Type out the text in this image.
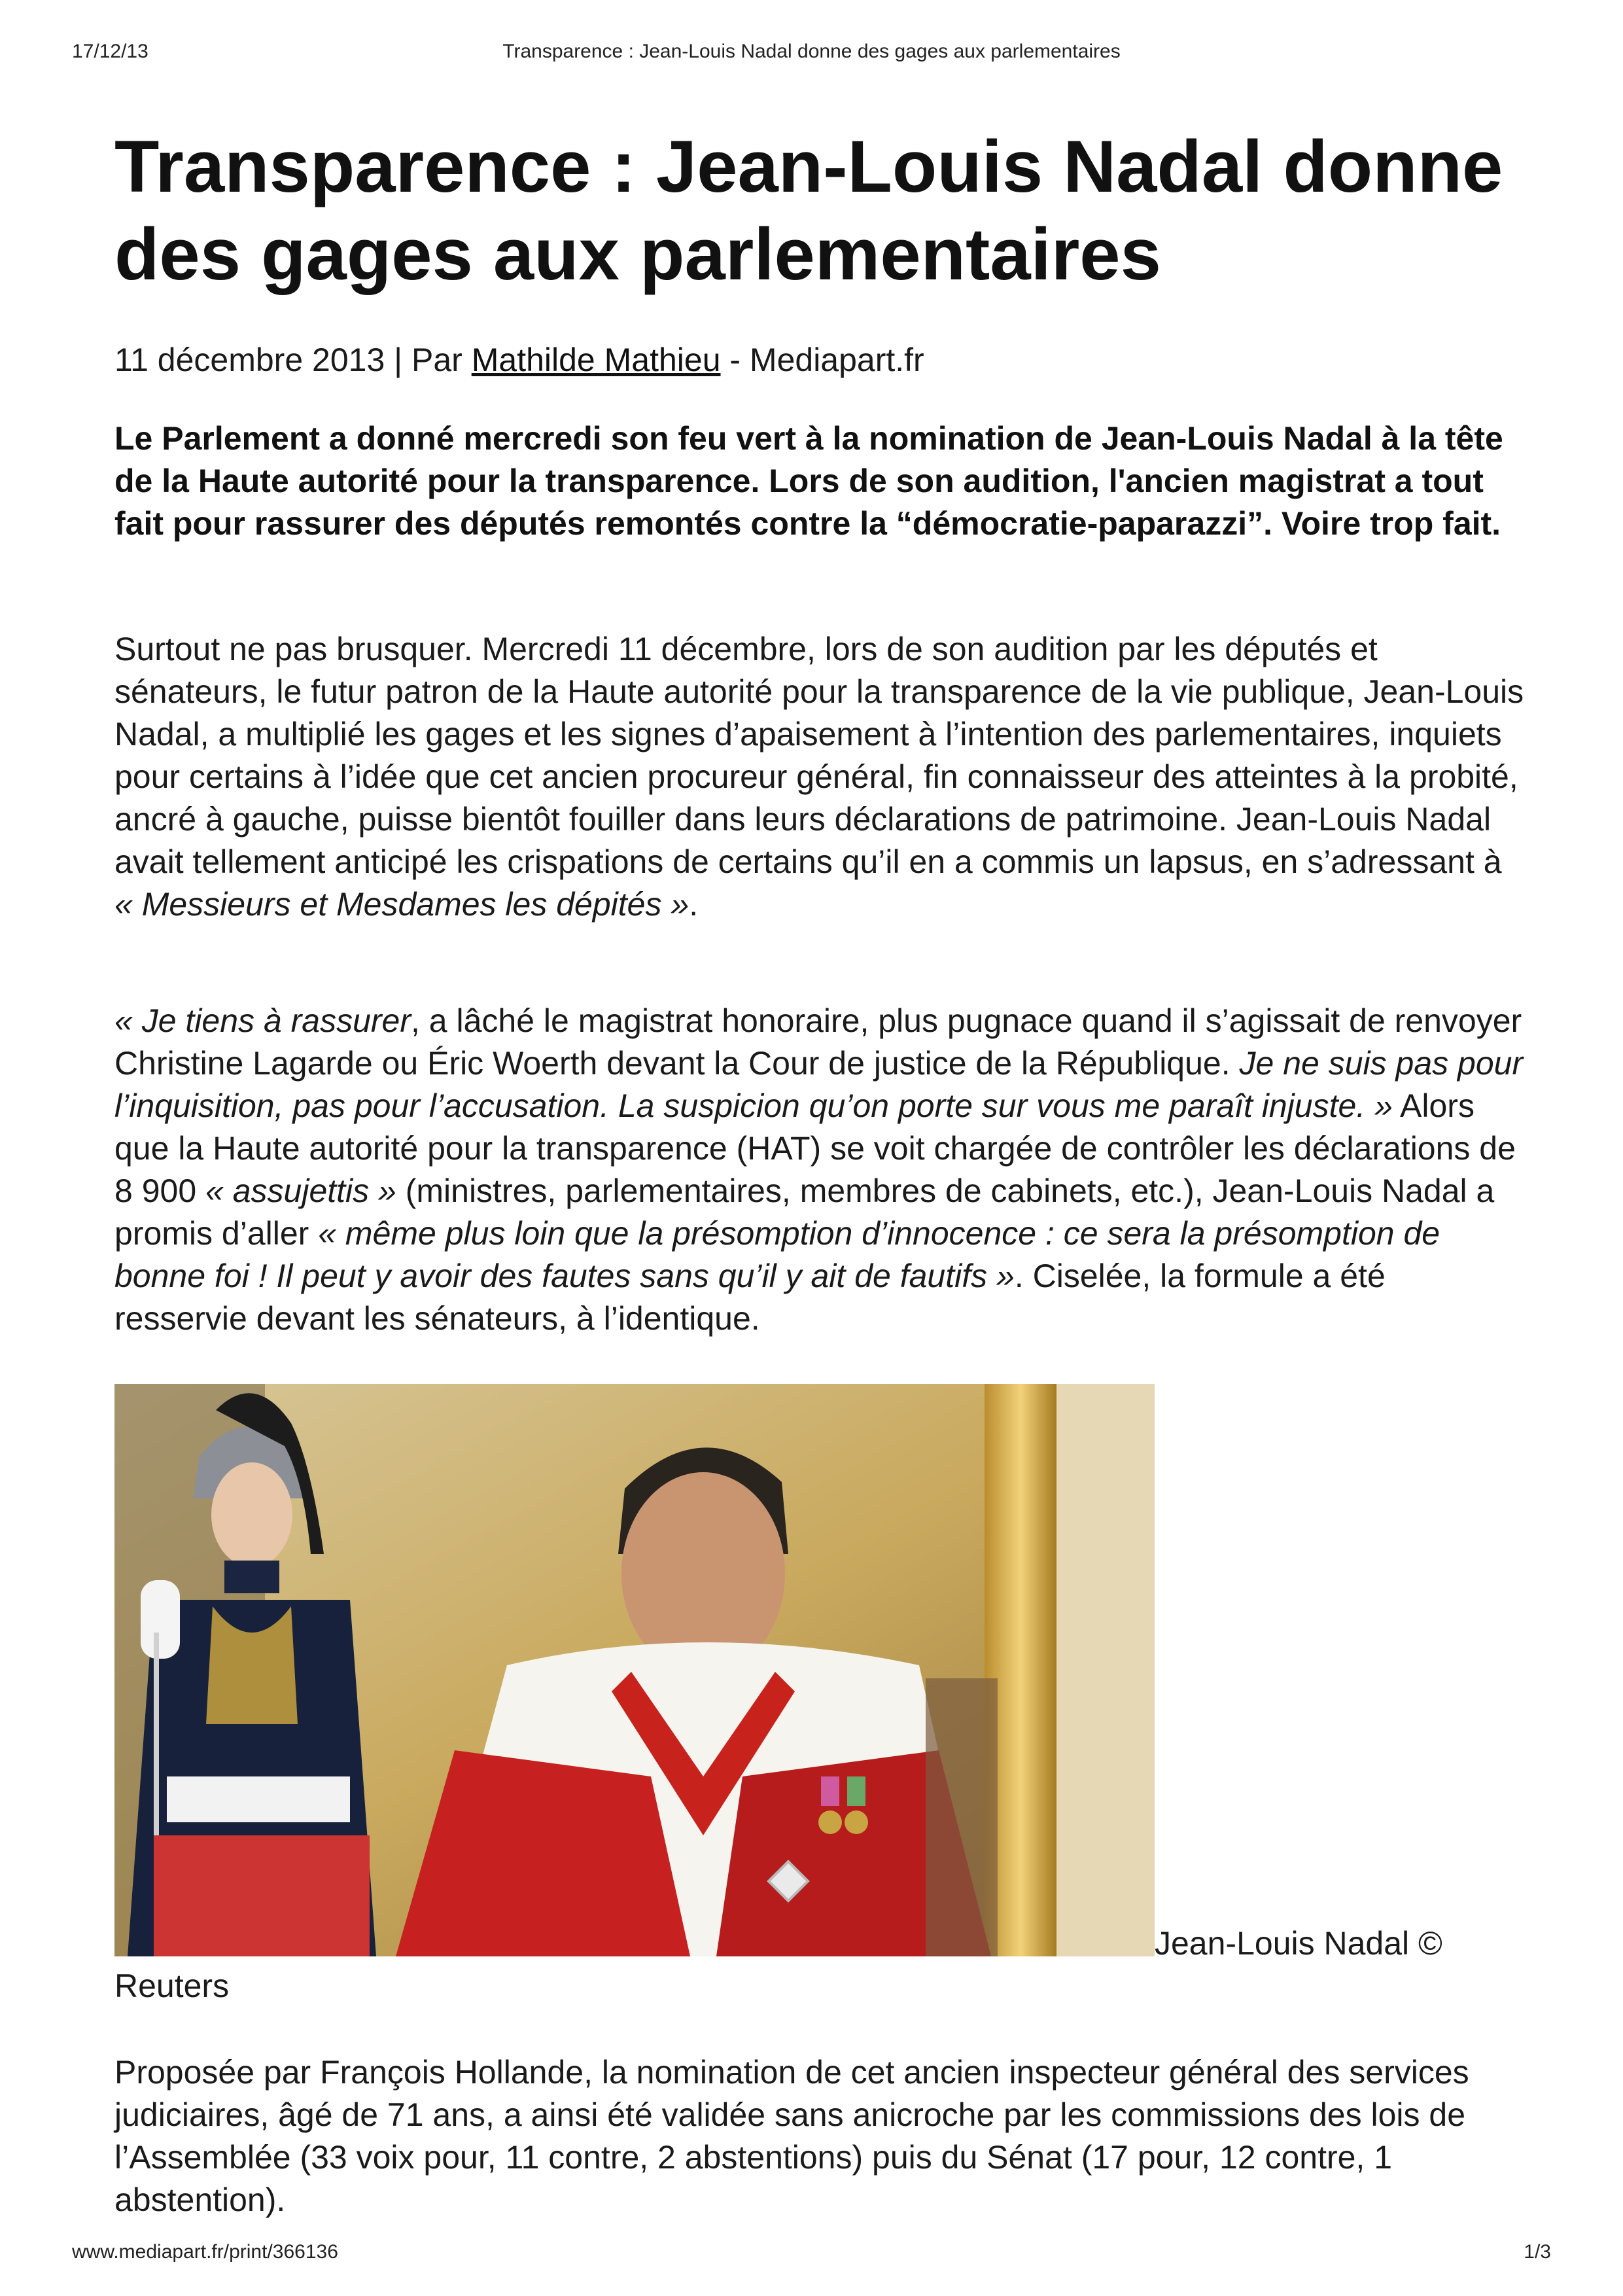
17/12/13	Transparence : Jean-Louis Nadal donne des gages aux parlementaires
Transparence : Jean-Louis Nadal donne des gages aux parlementaires
11 décembre 2013 | Par Mathilde Mathieu - Mediapart.fr

Le Parlement a donné mercredi son feu vert à la nomination de Jean-Louis Nadal à la tête de la Haute autorité pour la transparence. Lors de son audition, l'ancien magistrat a tout fait pour rassurer des députés remontés contre la “démocratie-paparazzi”. Voire trop fait.

Surtout ne pas brusquer. Mercredi 11 décembre, lors de son audition par les députés et sénateurs, le futur patron de la Haute autorité pour la transparence de la vie publique, Jean-Louis Nadal, a multiplié les gages et les signes d’apaisement à l’intention des parlementaires, inquiets pour certains à l’idée que cet ancien procureur général, fin connaisseur des atteintes à la probité, ancré à gauche, puisse bientôt fouiller dans leurs déclarations de patrimoine. Jean-Louis Nadal avait tellement anticipé les crispations de certains qu’il en a commis un lapsus, en s’adressant à « Messieurs et Mesdames les dépités ».

« Je tiens à rassurer, a lâché le magistrat honoraire, plus pugnace quand il s’agissait de renvoyer Christine Lagarde ou Éric Woerth devant la Cour de justice de la République. Je ne suis pas pour l’inquisition, pas pour l’accusation. La suspicion qu’on porte sur vous me paraît injuste. » Alors que la Haute autorité pour la transparence (HAT) se voit chargée de contrôler les déclarations de 8 900 « assujettis » (ministres, parlementaires, membres de cabinets, etc.), Jean-Louis Nadal a promis d’aller « même plus loin que la présomption d’innocence : ce sera la présomption de bonne foi ! Il peut y avoir des fautes sans qu’il y ait de fautifs ». Ciselée, la formule a été resservie devant les sénateurs, à l’identique.

Jean-Louis Nadal ©
Reuters

Proposée par François Hollande, la nomination de cet ancien inspecteur général des services judiciaires, âgé de 71 ans, a ainsi été validée sans anicroche par les commissions des lois de l’Assemblée (33 voix pour, 11 contre, 2 abstentions) puis du Sénat (17 pour, 12 contre, 1 abstention).

www.mediapart.fr/print/366136	1/3
